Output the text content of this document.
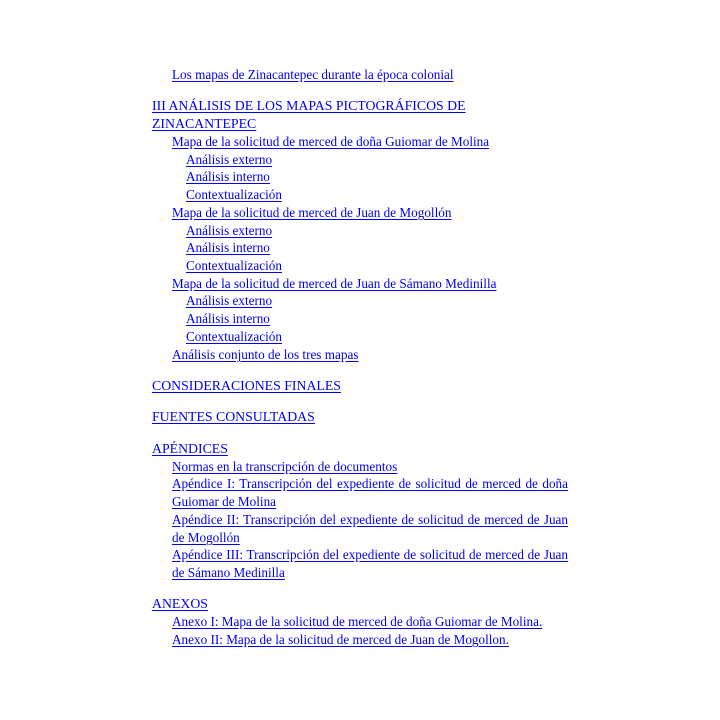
Los mapas de Zinacantepec durante la época colonial
III ANÁLISIS DE LOS MAPAS PICTOGRÁFICOS DE
ZINACANTEPEC
Mapa de la solicitud de merced de doña Guiomar de Molina
Análisis externo
Análisis interno
Contextualización
Mapa de la solicitud de merced de Juan de Mogollón
Análisis externo
Análisis interno
Contextualización
Mapa de la solicitud de merced de Juan de Sámano Medinilla
Análisis externo
Análisis interno
Contextualización
Análisis conjunto de los tres mapas
CONSIDERACIONES FINALES
FUENTES CONSULTADAS
APÉNDICES
Normas en la transcripción de documentos
Apéndice I: Transcripción del expediente de solicitud de merced de doña Guiomar de Molina
Apéndice II: Transcripción del expediente de solicitud de merced de Juan de Mogollón
Apéndice III: Transcripción del expediente de solicitud de merced de Juan de Sámano Medinilla
ANEXOS
Anexo I: Mapa de la solicitud de merced de doña Guiomar de Molina.
Anexo II: Mapa de la solicitud de merced de Juan de Mogollon.
